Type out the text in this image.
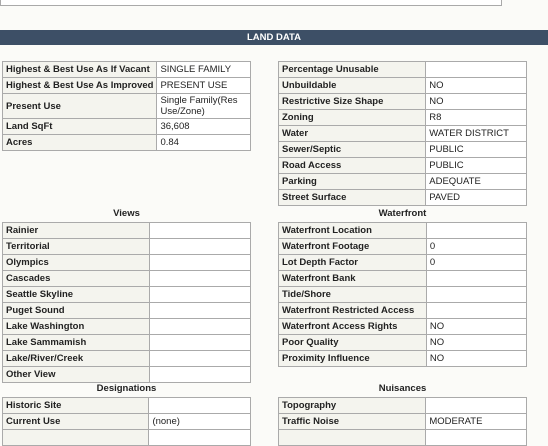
LAND DATA
Highest & Best Use As If Vacant	SINGLE FAMILY
Highest & Best Use As Improved	PRESENT USE
Present Use	Single Family(Res Use/Zone)
Land SqFt	36,608
Acres	0.84
Percentage Unusable	
Unbuildable	NO
Restrictive Size Shape	NO
Zoning	R8
Water	WATER DISTRICT
Sewer/Septic	PUBLIC
Road Access	PUBLIC
Parking	ADEQUATE
Street Surface	PAVED
Views	Waterfront
Rainier	
Territorial	
Olympics	
Cascades	
Seattle Skyline	
Puget Sound	
Lake Washington	
Lake Sammamish	
Lake/River/Creek	
Other View	
Waterfront Location	
Waterfront Footage	0
Lot Depth Factor	0
Waterfront Bank	
Tide/Shore	
Waterfront Restricted Access	
Waterfront Access Rights	NO
Poor Quality	NO
Proximity Influence	NO
Designations	Nuisances
Historic Site	
Current Use	(none)

Topography	
Traffic Noise	MODERATE
